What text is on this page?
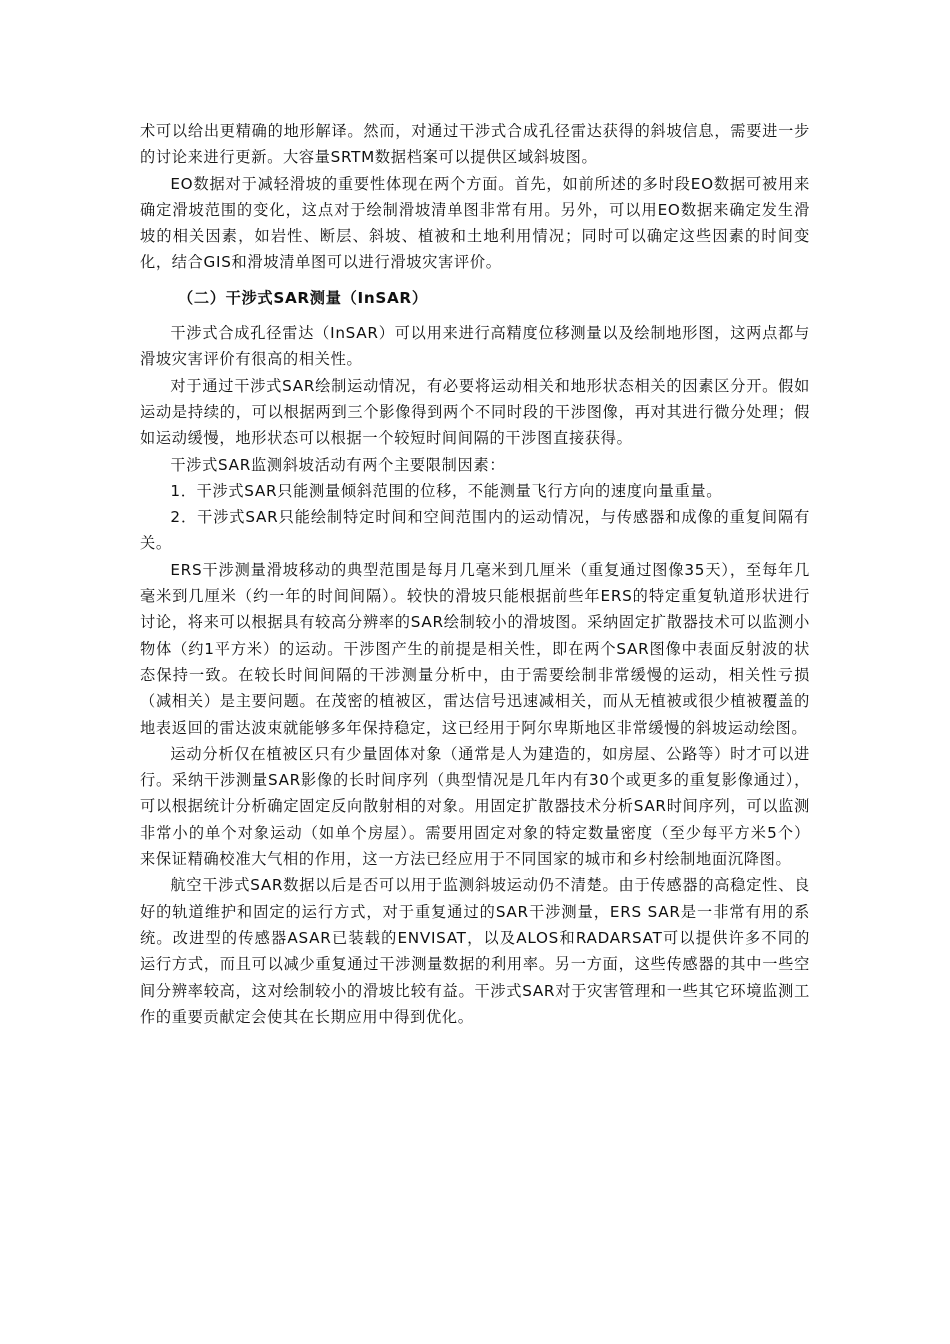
术可以给出更精确的地形解译。然而，对通过干涉式合成孔径雷达获得的斜坡信息，需要进一步的讨论来进行更新。大容量SRTM数据档案可以提供区域斜坡图。

EO数据对于减轻滑坡的重要性体现在两个方面。首先，如前所述的多时段EO数据可被用来确定滑坡范围的变化，这点对于绘制滑坡清单图非常有用。另外，可以用EO数据来确定发生滑坡的相关因素，如岩性、断层、斜坡、植被和土地利用情况；同时可以确定这些因素的时间变化，结合GIS和滑坡清单图可以进行滑坡灾害评价。

（二）干涉式SAR测量（InSAR）

干涉式合成孔径雷达（InSAR）可以用来进行高精度位移测量以及绘制地形图，这两点都与滑坡灾害评价有很高的相关性。

对于通过干涉式SAR绘制运动情况，有必要将运动相关和地形状态相关的因素区分开。假如运动是持续的，可以根据两到三个影像得到两个不同时段的干涉图像，再对其进行微分处理；假如运动缓慢，地形状态可以根据一个较短时间间隔的干涉图直接获得。

干涉式SAR监测斜坡活动有两个主要限制因素：

1．干涉式SAR只能测量倾斜范围的位移，不能测量飞行方向的速度向量重量。

2．干涉式SAR只能绘制特定时间和空间范围内的运动情况，与传感器和成像的重复间隔有关。

ERS干涉测量滑坡移动的典型范围是每月几毫米到几厘米（重复通过图像35天），至每年几毫米到几厘米（约一年的时间间隔）。较快的滑坡只能根据前些年ERS的特定重复轨道形状进行讨论，将来可以根据具有较高分辨率的SAR绘制较小的滑坡图。采纳固定扩散器技术可以监测小物体（约1平方米）的运动。干涉图产生的前提是相关性，即在两个SAR图像中表面反射波的状态保持一致。在较长时间间隔的干涉测量分析中，由于需要绘制非常缓慢的运动，相关性亏损（减相关）是主要问题。在茂密的植被区，雷达信号迅速减相关，而从无植被或很少植被覆盖的地表返回的雷达波束就能够多年保持稳定，这已经用于阿尔卑斯地区非常缓慢的斜坡运动绘图。

运动分析仅在植被区只有少量固体对象（通常是人为建造的，如房屋、公路等）时才可以进行。采纳干涉测量SAR影像的长时间序列（典型情况是几年内有30个或更多的重复影像通过），可以根据统计分析确定固定反向散射相的对象。用固定扩散器技术分析SAR时间序列，可以监测非常小的单个对象运动（如单个房屋）。需要用固定对象的特定数量密度（至少每平方米5个）来保证精确校准大气相的作用，这一方法已经应用于不同国家的城市和乡村绘制地面沉降图。

航空干涉式SAR数据以后是否可以用于监测斜坡运动仍不清楚。由于传感器的高稳定性、良好的轨道维护和固定的运行方式，对于重复通过的SAR干涉测量，ERS SAR是一非常有用的系统。改进型的传感器ASAR已装载的ENVISAT，以及ALOS和RADARSAT可以提供许多不同的运行方式，而且可以减少重复通过干涉测量数据的利用率。另一方面，这些传感器的其中一些空间分辨率较高，这对绘制较小的滑坡比较有益。干涉式SAR对于灾害管理和一些其它环境监测工作的重要贡献定会使其在长期应用中得到优化。
